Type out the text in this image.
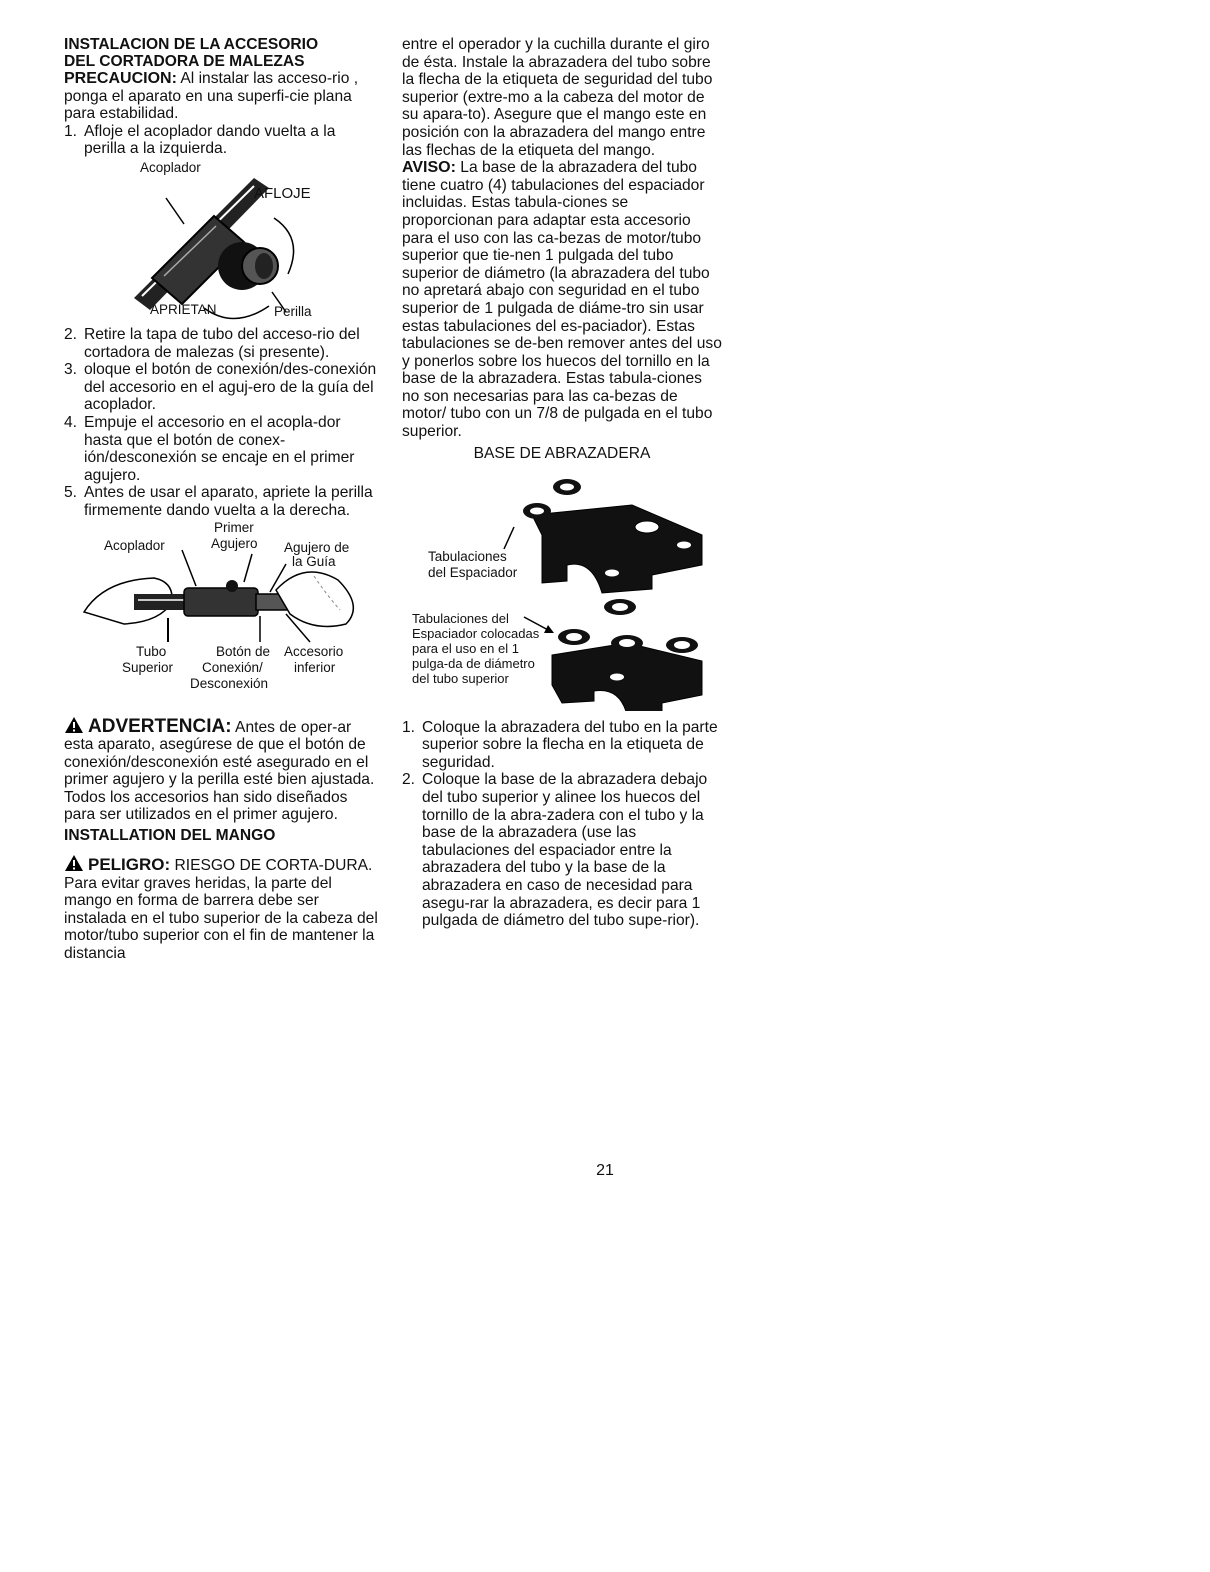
INSTALACION DE LA ACCESORIO
DEL CORTADORA DE MALEZAS
PRECAUCION: Al instalar las acceso-rio , ponga el aparato en una superfi-cie plana para estabilidad.
1. Afloje el acoplador dando vuelta a la perilla a la izquierda.
Acoplador
AFLOJE
APRIETAN	Perilla
2. Retire la tapa de tubo del acceso-rio del cortadora de malezas (si presente).
3. oloque el botón de conexión/des-conexión del accesorio en el aguj-ero de la guía del acoplador.
4. Empuje el accesorio en el acopla-dor hasta que el botón de conex-ión/desconexión se encaje en el primer agujero.
5. Antes de usar el aparato, apriete la perilla firmemente dando vuelta a la derecha.
Primer
Acoplador	Agujero Agujero de
la Guía
Tubo
Superior
Botón de
Conexión/
Desconexión
Accesorio
inferior
ADVERTENCIA: Antes de oper-ar esta aparato, asegúrese de que el botón de conexión/desconexión esté asegurado en el primer agujero y la perilla esté bien ajustada. Todos los accesorios han sido diseñados para ser utilizados en el primer agujero.
INSTALLATION DEL MANGO
PELIGRO: RIESGO DE CORTA-DURA. Para evitar graves heridas, la parte del mango en forma de barrera debe ser instalada en el tubo superior de la cabeza del motor/tubo superior con el fin de mantener la distancia
entre el operador y la cuchilla durante el giro de ésta. Instale la abrazadera del tubo sobre la flecha de la etiqueta de seguridad del tubo superior (extre-mo a la cabeza del motor de su apara-to). Asegure que el mango este en posición con la abrazadera del mango entre las flechas de la etiqueta del mango.
AVISO: La base de la abrazadera del tubo tiene cuatro (4) tabulaciones del espaciador incluidas. Estas tabula-ciones se proporcionan para adaptar esta accesorio para el uso con las ca-bezas de motor/tubo superior que tie-nen 1 pulgada del tubo superior de diámetro (la abrazadera del tubo no apretará abajo con seguridad en el tubo superior de 1 pulgada de diáme-tro sin usar estas tabulaciones del es-paciador). Estas tabulaciones se de-ben remover antes del uso y ponerlos sobre los huecos del tornillo en la base de la abrazadera. Estas tabula-ciones no son necesarias para las ca-bezas de motor/ tubo con un 7/8 de pulgada en el tubo superior.
BASE DE ABRAZADERA
Tabulaciones
del Espaciador
Tabulaciones del Espaciador colocadas para el uso en el 1 pulga-da de diámetro del tubo superior
1. Coloque la abrazadera del tubo en la parte superior sobre la flecha en la etiqueta de seguridad.
2. Coloque la base de la abrazadera debajo del tubo superior y alinee los huecos del tornillo de la abra-zadera con el tubo y la base de la abrazadera (use las tabulaciones del espaciador entre la abrazadera del tubo y la base de la abrazadera en caso de necesidad para asegu-rar la abrazadera, es decir para 1 pulgada de diámetro del tubo supe-rior).
21
